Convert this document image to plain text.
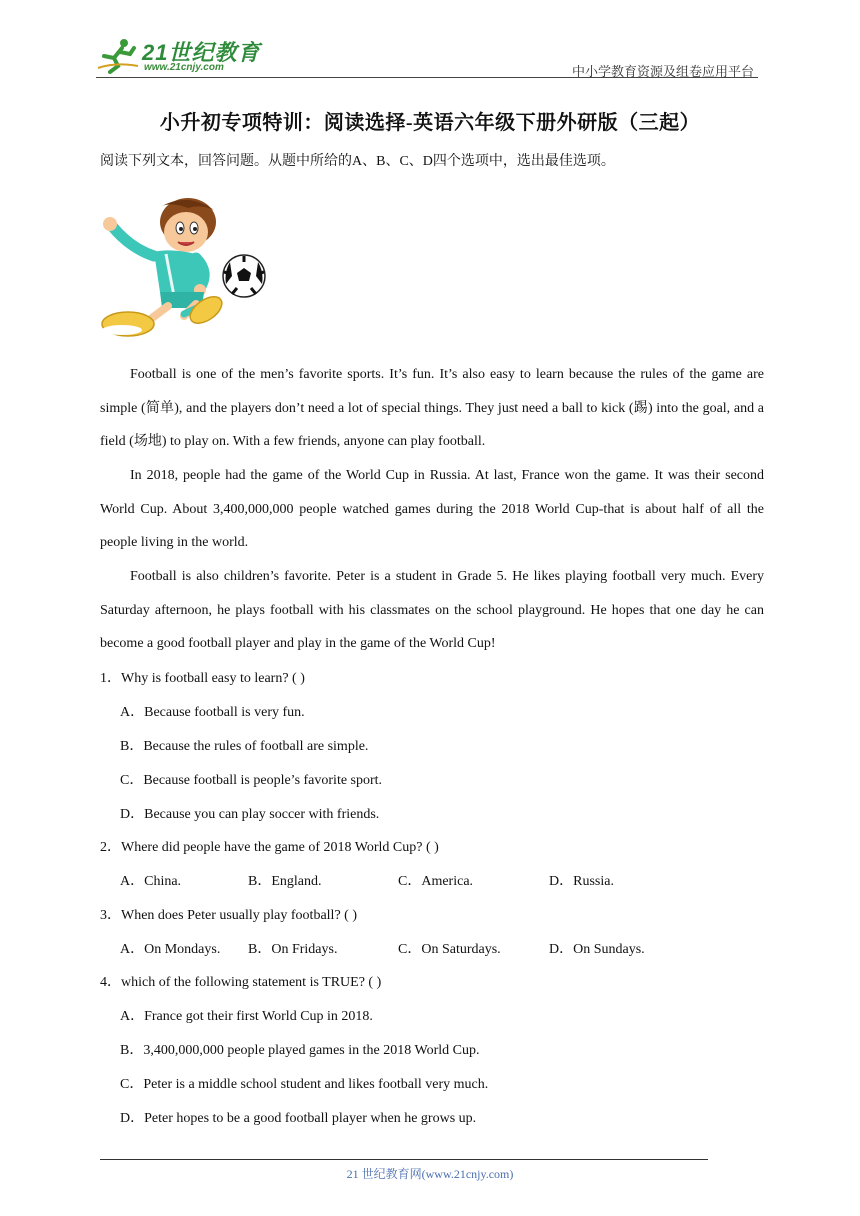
21世纪教育
www.21cnjy.com	中小学教育资源及组卷应用平台
小升初专项特训：阅读选择-英语六年级下册外研版（三起）
阅读下列文本，回答问题。从题中所给的A、B、C、D四个选项中，选出最佳选项。
Football is one of the men’s favorite sports. It’s fun. It’s also easy to learn because the rules of the game are simple (简单), and the players don’t need a lot of special things. They just need a ball to kick (踢) into the goal, and a field (场地) to play on. With a few friends, anyone can play football.
In 2018, people had the game of the World Cup in Russia. At last, France won the game. It was their second World Cup. About 3,400,000,000 people watched games during the 2018 World Cup-that is about half of all the people living in the world.
Football is also children’s favorite. Peter is a student in Grade 5. He likes playing football very much. Every Saturday afternoon, he plays football with his classmates on the school playground. He hopes that one day he can become a good football player and play in the game of the World Cup!
1．Why is football easy to learn? ( )
A．Because football is very fun.
B．Because the rules of football are simple.
C．Because football is people’s favorite sport.
D．Because you can play soccer with friends.
2．Where did people have the game of 2018 World Cup? ( )
A．China.	B．England.	C．America.	D．Russia.
3．When does Peter usually play football? ( )
A．On Mondays. B．On Fridays.	C．On Saturdays.	D．On Sundays.
4．which of the following statement is TRUE? ( )
A．France got their first World Cup in 2018.
B．3,400,000,000 people played games in the 2018 World Cup.
C．Peter is a middle school student and likes football very much.
D．Peter hopes to be a good football player when he grows up.
21 世纪教育网(www.21cnjy.com)
